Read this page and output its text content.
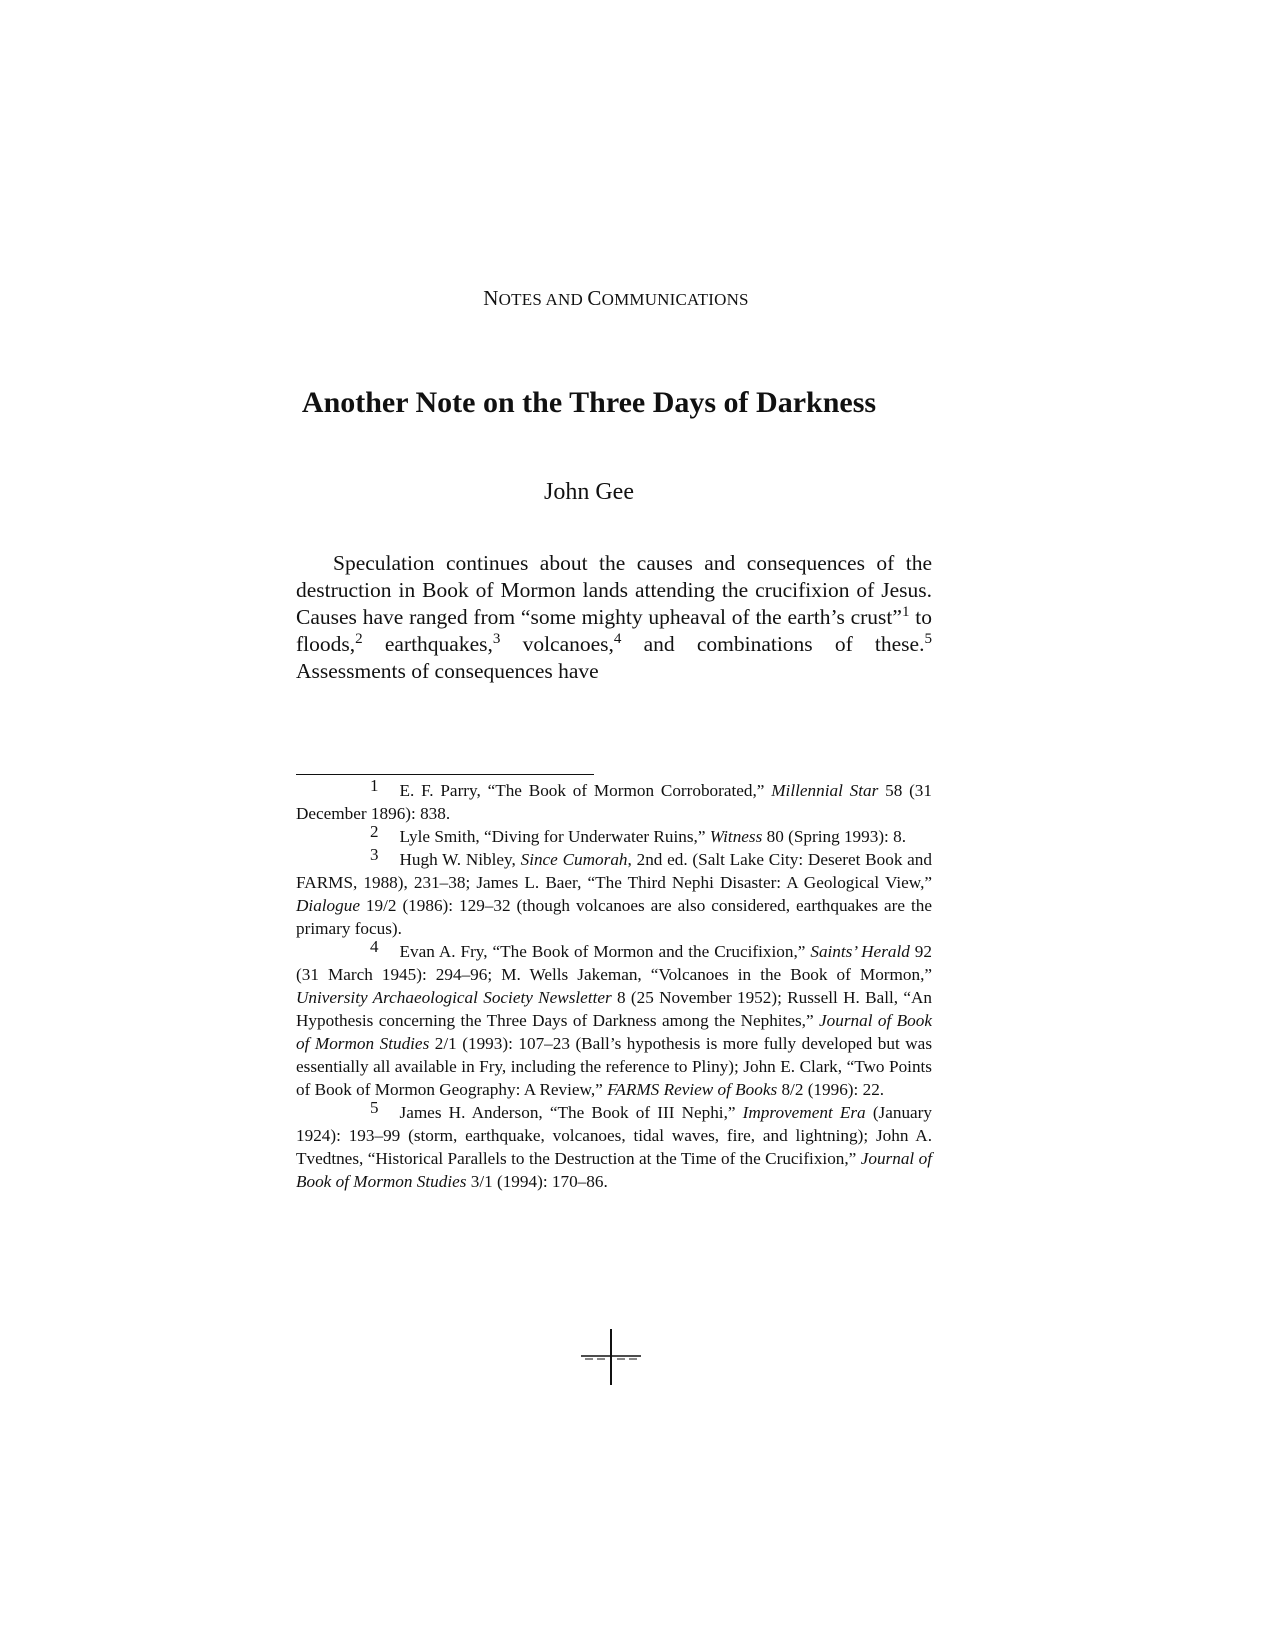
NOTES AND COMMUNICATIONS
Another Note on the Three Days of Darkness
John Gee

Speculation continues about the causes and consequences of the destruction in Book of Mormon lands attending the crucifixion of Jesus. Causes have ranged from “some mighty upheaval of the earth’s crust”$^1$ to floods,$^2$ earthquakes,$^3$ volcanoes,$^4$ and combinations of these.$^5$ Assessments of consequences have

1 E. F. Parry, “The Book of Mormon Corroborated,” Millennial Star 58 (31 December 1896): 838.

2 Lyle Smith, “Diving for Underwater Ruins,” Witness 80 (Spring 1993): 8.

3 Hugh W. Nibley, Since Cumorah, 2nd ed. (Salt Lake City: Deseret Book and FARMS, 1988), 231–38; James L. Baer, “The Third Nephi Disaster: A Geological View,” Dialogue 19/2 (1986): 129–32 (though volcanoes are also considered, earthquakes are the primary focus).

4 Evan A. Fry, “The Book of Mormon and the Crucifixion,” Saints’ Herald 92 (31 March 1945): 294–96; M. Wells Jakeman, “Volcanoes in the Book of Mormon,” University Archaeological Society Newsletter 8 (25 November 1952); Russell H. Ball, “An Hypothesis concerning the Three Days of Darkness among the Nephites,” Journal of Book of Mormon Studies 2/1 (1993): 107–23 (Ball’s hypothesis is more fully developed but was essentially all available in Fry, including the reference to Pliny); John E. Clark, “Two Points of Book of Mormon Geography: A Review,” FARMS Review of Books 8/2 (1996): 22.

5 James H. Anderson, “The Book of III Nephi,” Improvement Era (January 1924): 193–99 (storm, earthquake, volcanoes, tidal waves, fire, and lightning); John A. Tvedtnes, “Historical Parallels to the Destruction at the Time of the Crucifixion,” Journal of Book of Mormon Studies 3/1 (1994): 170–86.
